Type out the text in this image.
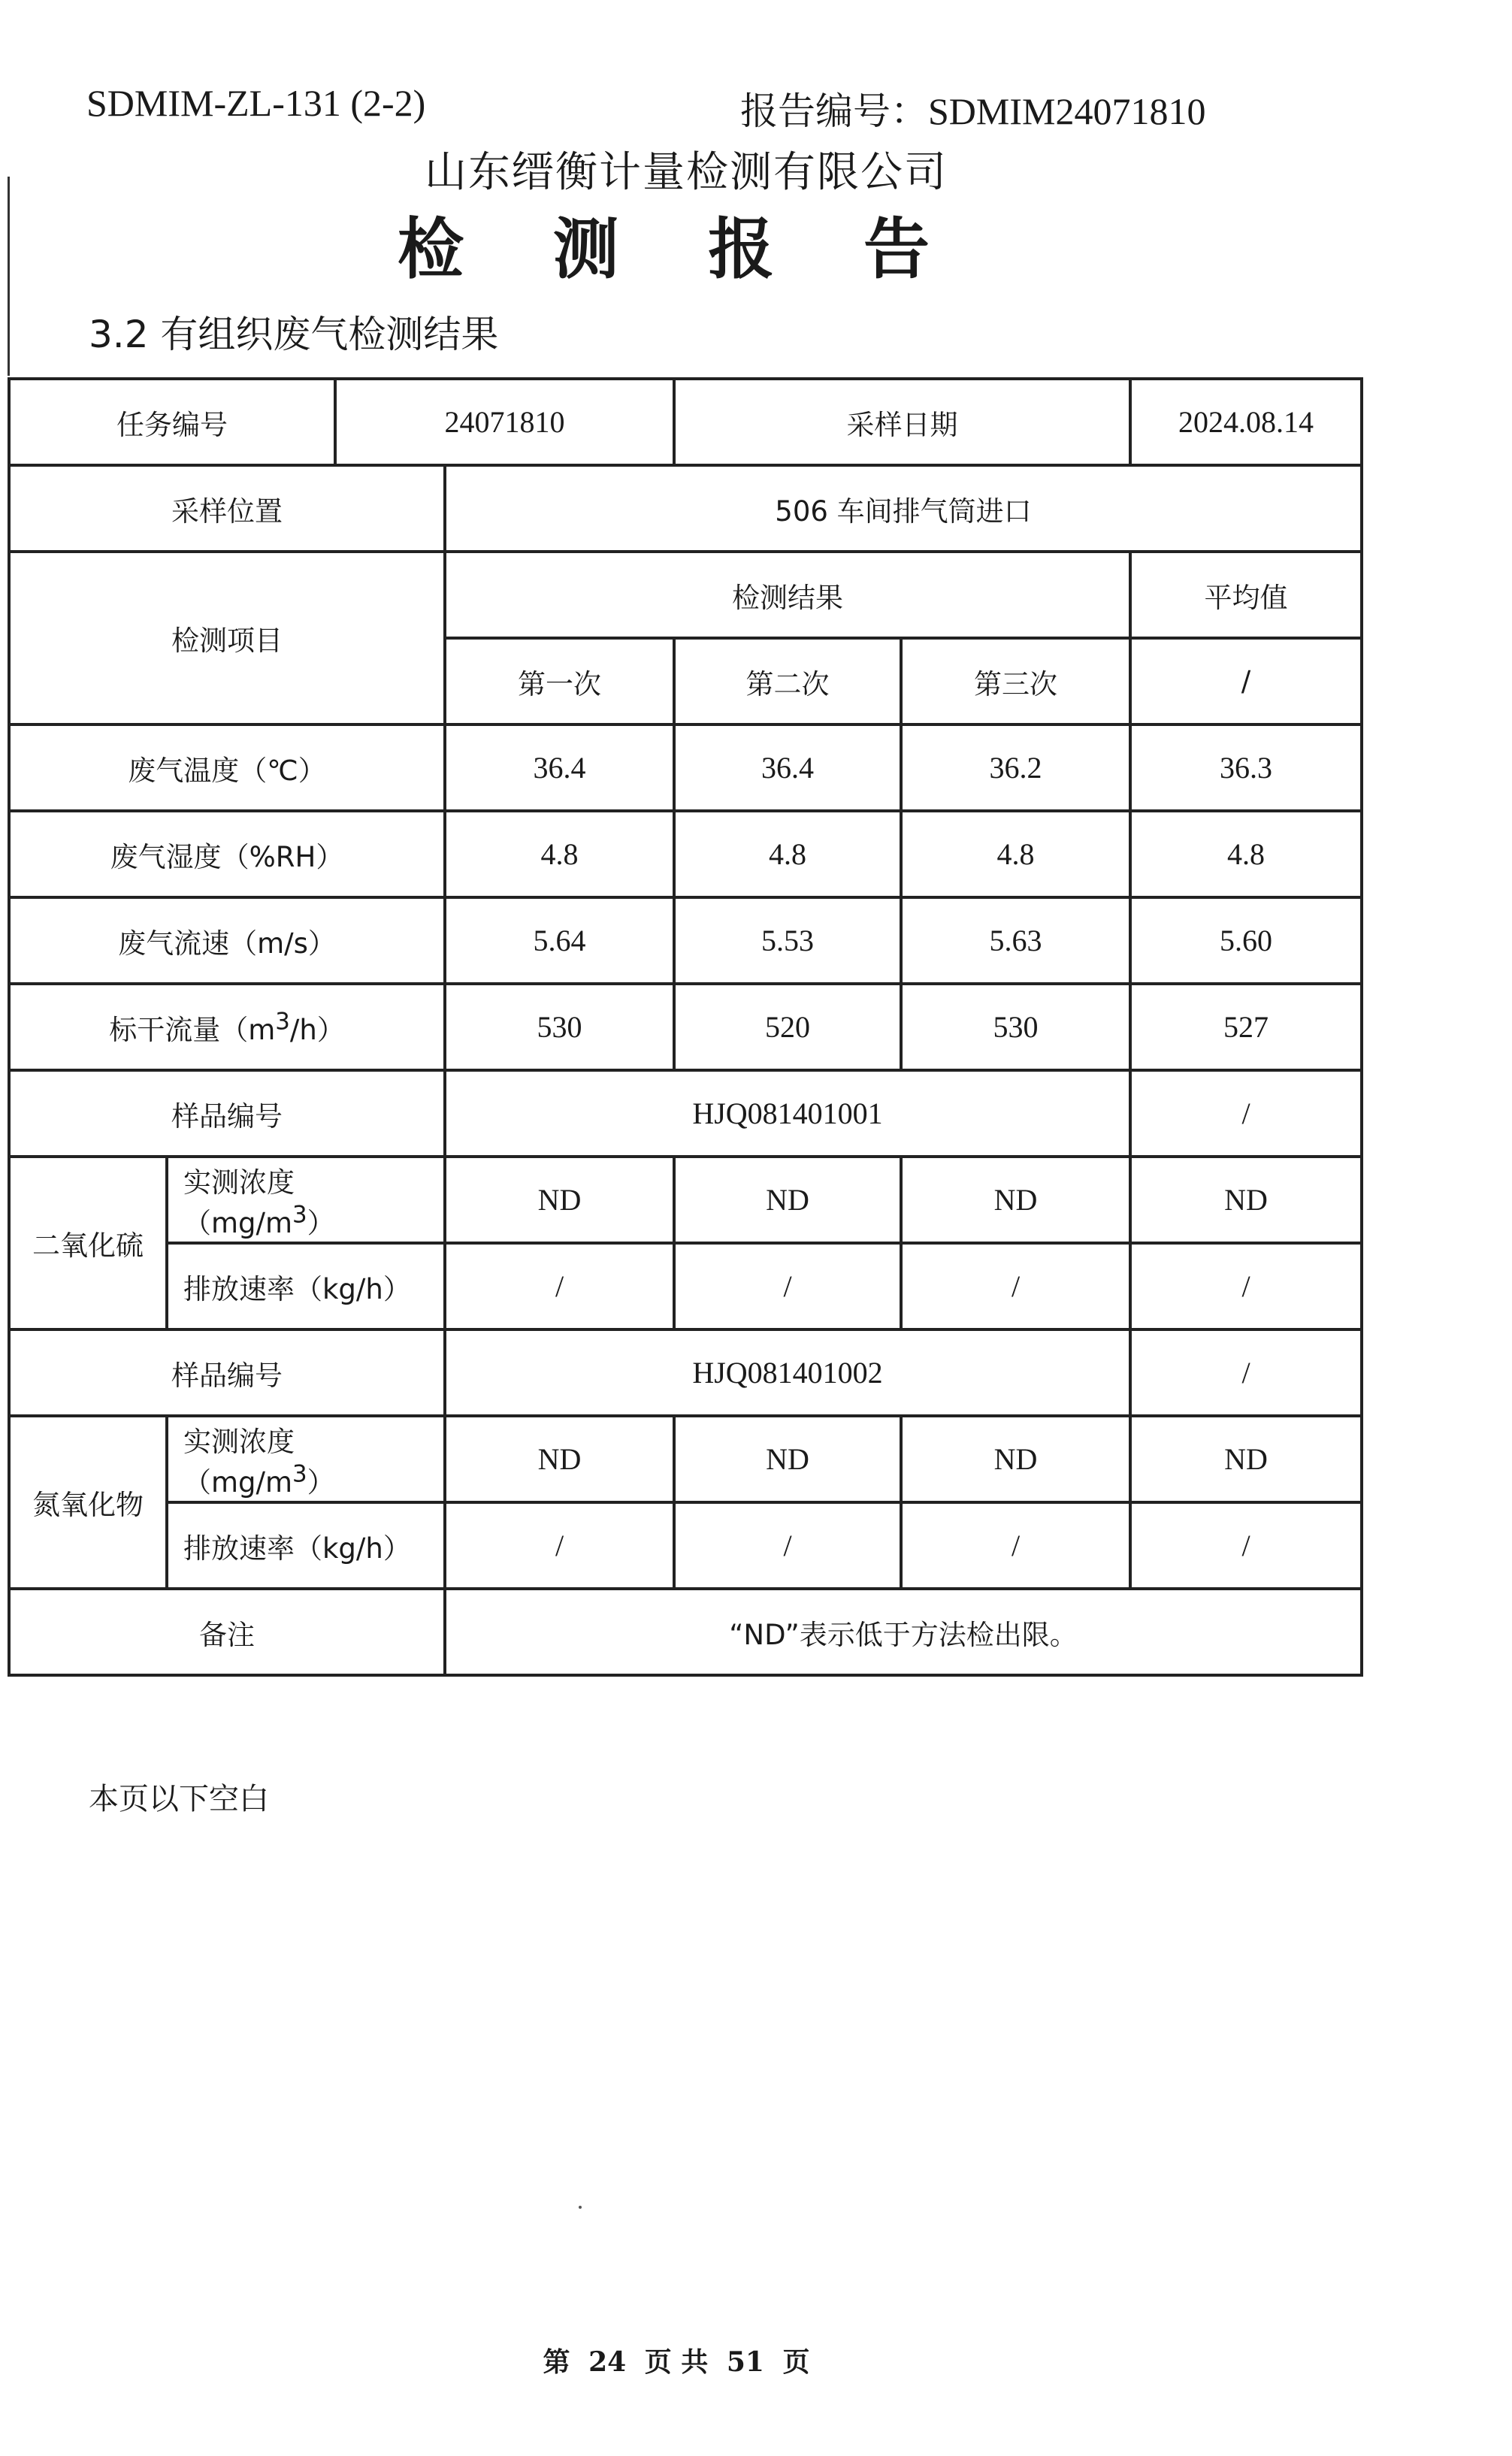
SDMIM-ZL-131 (2-2)	报告编号：SDMIM24071810
山东缙衡计量检测有限公司
检 测 报 告
3.2 有组织废气检测结果
任务编号		24071810		采样日期		2024.08.14
采样位置			506 车间排气筒进口			
检测项目			检测结果			平均值
			第一次	第二次	第三次	/
废气温度（℃）			36.4	36.4	36.2	36.3
废气湿度（%RH）			4.8	4.8	4.8	4.8
废气流速（m/s）			5.64	5.53	5.63	5.60
标干流量$(m^3/h)$			530	520	530	527
样品编号			HJQ081401001			/
二氧化硫	实测浓度$(mg/m^3)$		ND	ND	ND	ND
	排放速率（kg/h）		/	/	/	/
样品编号			HJQ081401002			/
氮氧化物	实测浓度$(mg/m^3)$		ND	ND	ND	ND
	排放速率（kg/h）		/	/	/	/
备注			“ND”表示低于方法检出限。			
本页以下空白
第 24 页 共 51 页
